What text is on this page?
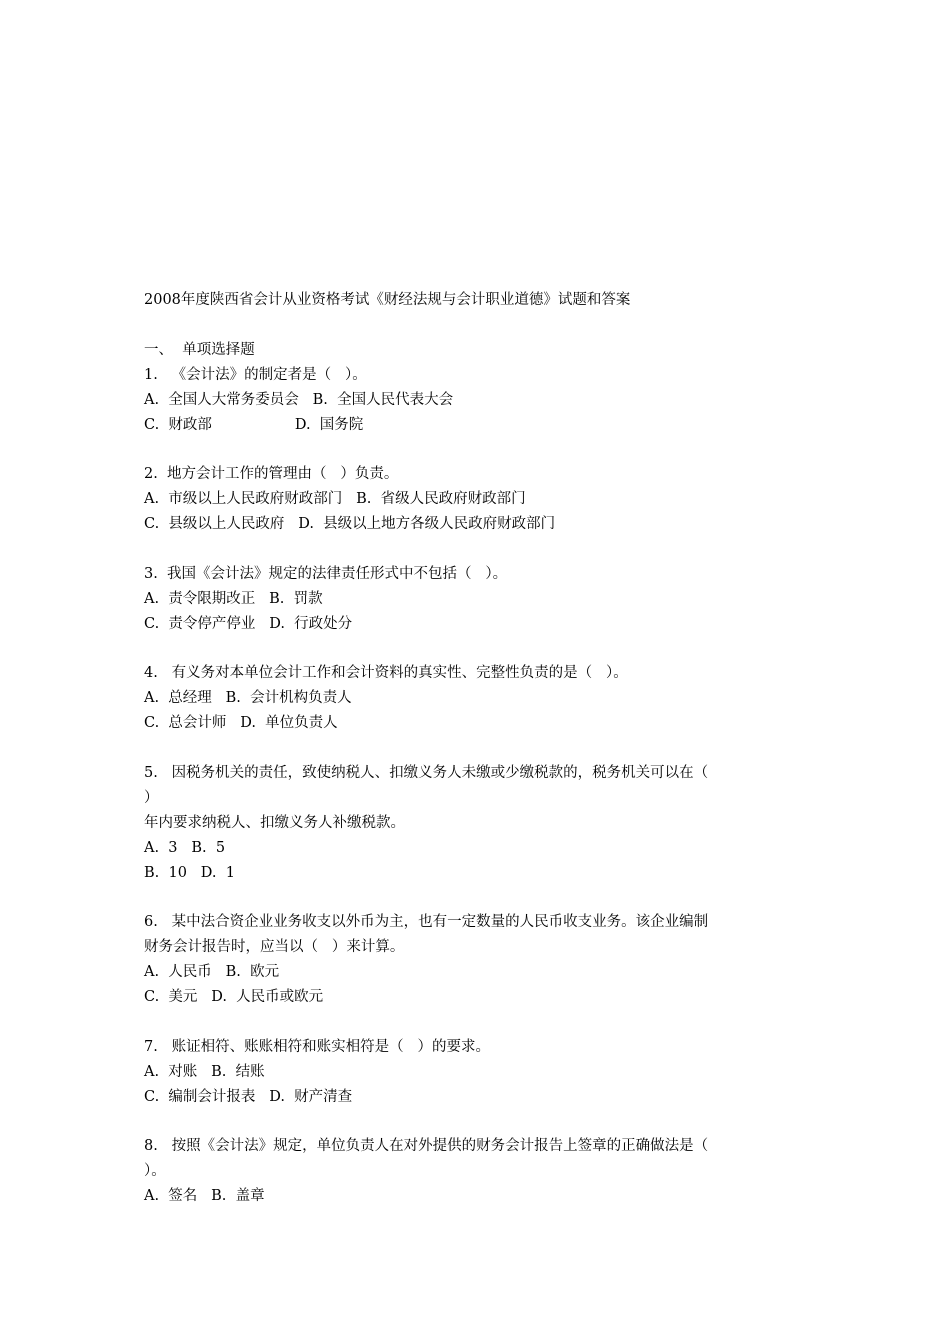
2008年度陕西省会计从业资格考试《财经法规与会计职业道德》试题和答案

一、  单项选择题

1.   《会计法》的制定者是（   ）。

A.  全国人大常务委员会   B.  全国人民代表大会

C.  财政部                  D.  国务院

2.  地方会计工作的管理由（   ）负责。

A.  市级以上人民政府财政部门   B.  省级人民政府财政部门

C.  县级以上人民政府   D.  县级以上地方各级人民政府财政部门

3.  我国《会计法》规定的法律责任形式中不包括（   ）。

A.  责令限期改正   B.  罚款

C.  责令停产停业   D.  行政处分

4.   有义务对本单位会计工作和会计资料的真实性、完整性负责的是（   ）。

A.  总经理   B.  会计机构负责人

C.  总会计师   D.  单位负责人

5.   因税务机关的责任，致使纳税人、扣缴义务人未缴或少缴税款的，税务机关可以在（

）

年内要求纳税人、扣缴义务人补缴税款。

A.  3   B.  5

B.  10   D.  1

6.   某中法合资企业业务收支以外币为主，也有一定数量的人民币收支业务。该企业编制

财务会计报告时，应当以（   ）来计算。

A.  人民币   B.  欧元

C.  美元   D.  人民币或欧元

7.   账证相符、账账相符和账实相符是（   ）的要求。

A.  对账   B.  结账

C.  编制会计报表   D.  财产清查

8.   按照《会计法》规定，单位负责人在对外提供的财务会计报告上签章的正确做法是（

）。

A.  签名   B.  盖章
